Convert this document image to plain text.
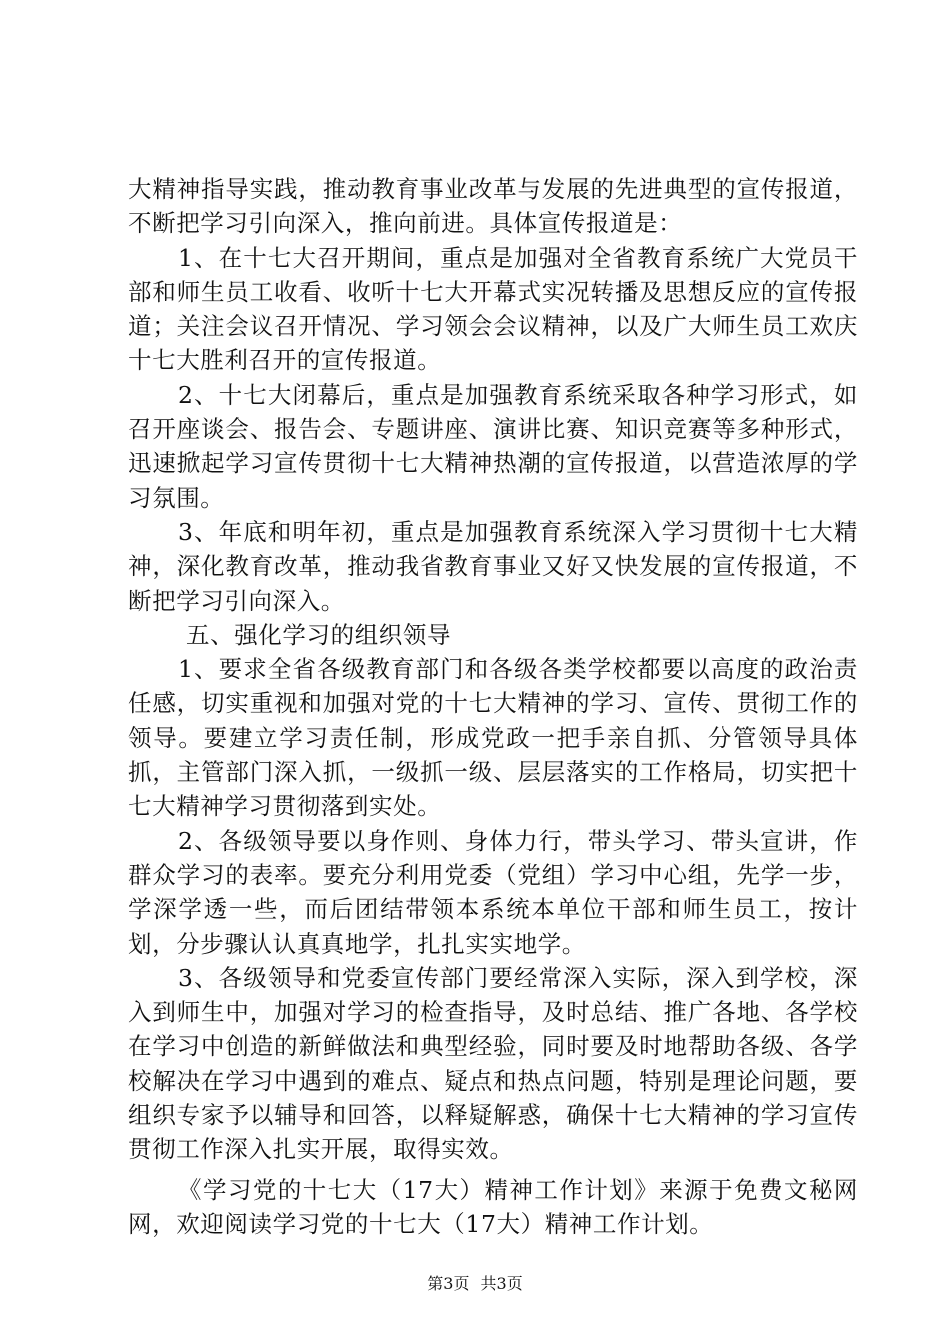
大精神指导实践，推动教育事业改革与发展的先进典型的宣传报道，不断把学习引向深入，推向前进。具体宣传报道是：

1、在十七大召开期间，重点是加强对全省教育系统广大党员干部和师生员工收看、收听十七大开幕式实况转播及思想反应的宣传报道；关注会议召开情况、学习领会会议精神，以及广大师生员工欢庆十七大胜利召开的宣传报道。

2、十七大闭幕后，重点是加强教育系统采取各种学习形式，如召开座谈会、报告会、专题讲座、演讲比赛、知识竞赛等多种形式，迅速掀起学习宣传贯彻十七大精神热潮的宣传报道，以营造浓厚的学习氛围。

3、年底和明年初，重点是加强教育系统深入学习贯彻十七大精神，深化教育改革，推动我省教育事业又好又快发展的宣传报道，不断把学习引向深入。

五、强化学习的组织领导

1、要求全省各级教育部门和各级各类学校都要以高度的政治责任感，切实重视和加强对党的十七大精神的学习、宣传、贯彻工作的领导。要建立学习责任制，形成党政一把手亲自抓、分管领导具体抓，主管部门深入抓，一级抓一级、层层落实的工作格局，切实把十七大精神学习贯彻落到实处。

2、各级领导要以身作则、身体力行，带头学习、带头宣讲，作群众学习的表率。要充分利用党委（党组）学习中心组，先学一步，学深学透一些，而后团结带领本系统本单位干部和师生员工，按计划，分步骤认认真真地学，扎扎实实地学。

3、各级领导和党委宣传部门要经常深入实际，深入到学校，深入到师生中，加强对学习的检查指导，及时总结、推广各地、各学校在学习中创造的新鲜做法和典型经验，同时要及时地帮助各级、各学校解决在学习中遇到的难点、疑点和热点问题，特别是理论问题，要组织专家予以辅导和回答，以释疑解惑，确保十七大精神的学习宣传贯彻工作深入扎实开展，取得实效。

《学习党的十七大（17大）精神工作计划》来源于免费文秘网网，欢迎阅读学习党的十七大（17大）精神工作计划。

第3页 共3页
